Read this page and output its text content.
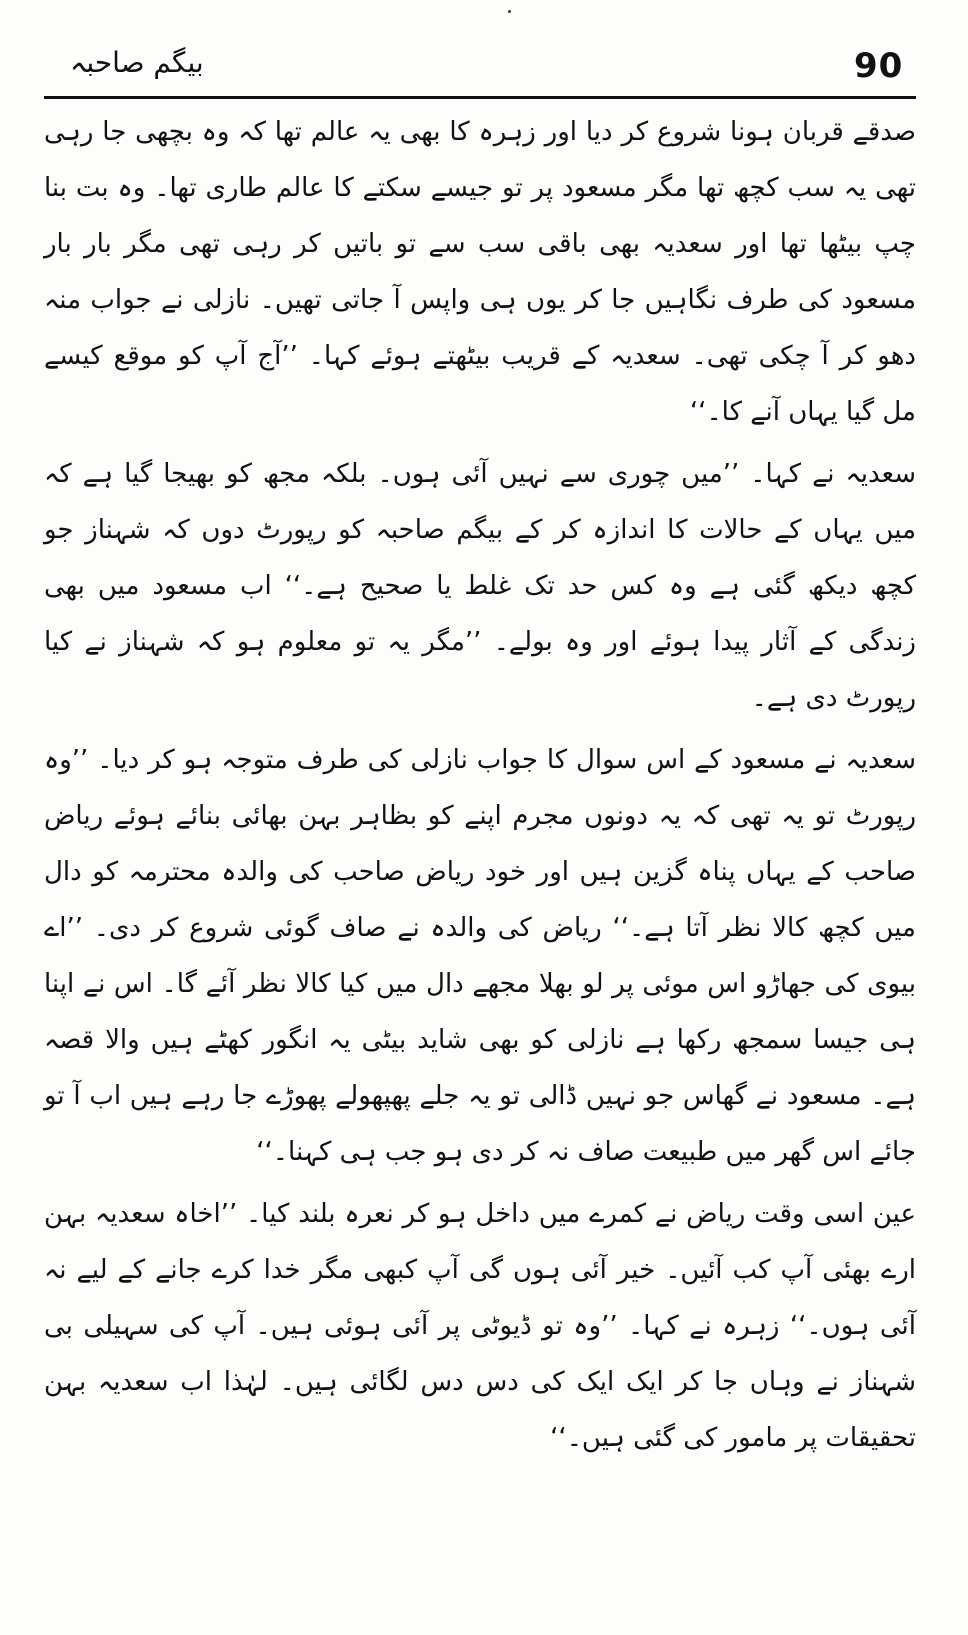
90
بیگم صاحبہ

صدقے قربان ہونا شروع کر دیا اور زہرہ کا بھی یہ عالم تھا کہ وہ بچھی جا رہی تھی یہ سب کچھ تھا مگر مسعود پر تو جیسے سکتے کا عالم طاری تھا۔ وہ بت بنا چپ بیٹھا تھا اور سعدیہ بھی باقی سب سے تو باتیں کر رہی تھی مگر بار بار مسعود کی طرف نگاہیں جا کر یوں ہی واپس آ جاتی تھیں۔ نازلی نے جواب منہ دھو کر آ چکی تھی۔ سعدیہ کے قریب بیٹھتے ہوئے کہا۔ ’’آج آپ کو موقع کیسے مل گیا یہاں آنے کا۔‘‘

سعدیہ نے کہا۔ ’’میں چوری سے نہیں آئی ہوں۔ بلکہ مجھ کو بھیجا گیا ہے کہ میں یہاں کے حالات کا اندازہ کر کے بیگم صاحبہ کو رپورٹ دوں کہ شہناز جو کچھ دیکھ گئی ہے وہ کس حد تک غلط یا صحیح ہے۔‘‘ اب مسعود میں بھی زندگی کے آثار پیدا ہوئے اور وہ بولے۔ ’’مگر یہ تو معلوم ہو کہ شہناز نے کیا رپورٹ دی ہے۔

سعدیہ نے مسعود کے اس سوال کا جواب نازلی کی طرف متوجہ ہو کر دیا۔ ’’وہ رپورٹ تو یہ تھی کہ یہ دونوں مجرم اپنے کو بظاہر بہن بھائی بنائے ہوئے ریاض صاحب کے یہاں پناہ گزین ہیں اور خود ریاض صاحب کی والدہ محترمہ کو دال میں کچھ کالا نظر آتا ہے۔‘‘ ریاض کی والدہ نے صاف گوئی شروع کر دی۔ ’’اے بیوی کی جھاڑو اس موئی پر لو بھلا مجھے دال میں کیا کالا نظر آئے گا۔ اس نے اپنا ہی جیسا سمجھ رکھا ہے نازلی کو بھی شاید بیٹی یہ انگور کھٹے ہیں والا قصہ ہے۔ مسعود نے گھاس جو نہیں ڈالی تو یہ جلے پھپھولے پھوڑے جا رہے ہیں اب آ تو جائے اس گھر میں طبیعت صاف نہ کر دی ہو جب ہی کہنا۔‘‘

عین اسی وقت ریاض نے کمرے میں داخل ہو کر نعرہ بلند کیا۔ ’’اخاہ سعدیہ بہن ارے بھئی آپ کب آئیں۔ خیر آئی ہوں گی آپ کبھی مگر خدا کرے جانے کے لیے نہ آئی ہوں۔‘‘ زہرہ نے کہا۔ ’’وہ تو ڈیوٹی پر آئی ہوئی ہیں۔ آپ کی سہیلی بی شہناز نے وہاں جا کر ایک ایک کی دس دس لگائی ہیں۔ لہٰذا اب سعدیہ بہن تحقیقات پر مامور کی گئی ہیں۔‘‘
